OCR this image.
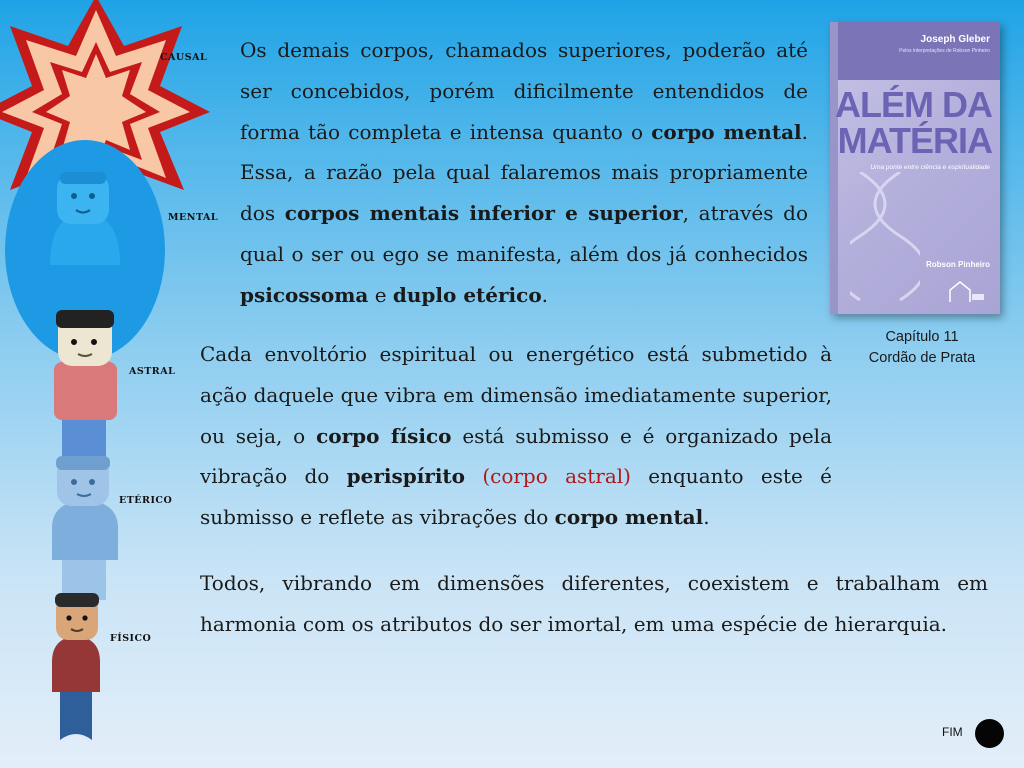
CAUSAL
MENTAL
ASTRAL
ETÉRICO
FÍSICO
Os demais corpos, chamados superiores, poderão até ser concebidos, porém dificilmente entendidos de forma tão completa e intensa quanto o corpo mental. Essa, a razão pela qual falaremos mais propriamente dos corpos mentais inferior e superior, através do qual o ser ou ego se manifesta, além dos já conhecidos psicossoma e duplo etérico.
Joseph Gleber
Pelos interpretações de Robson Pinheiro
ALÉM DA
MATÉRIA
Uma ponte entre ciência e espiritualidade
Robson Pinheiro
Capítulo 11
Cordão de Prata
Cada envoltório espiritual ou energético está submetido à ação daquele que vibra em dimensão imediatamente superior, ou seja, o corpo físico está submisso e é organizado pela vibração do perispírito (corpo astral) enquanto este é submisso e reflete as vibrações do corpo mental.
Todos, vibrando em dimensões diferentes, coexistem e trabalham em harmonia com os atributos do ser imortal, em uma espécie de hierarquia.
FIM
